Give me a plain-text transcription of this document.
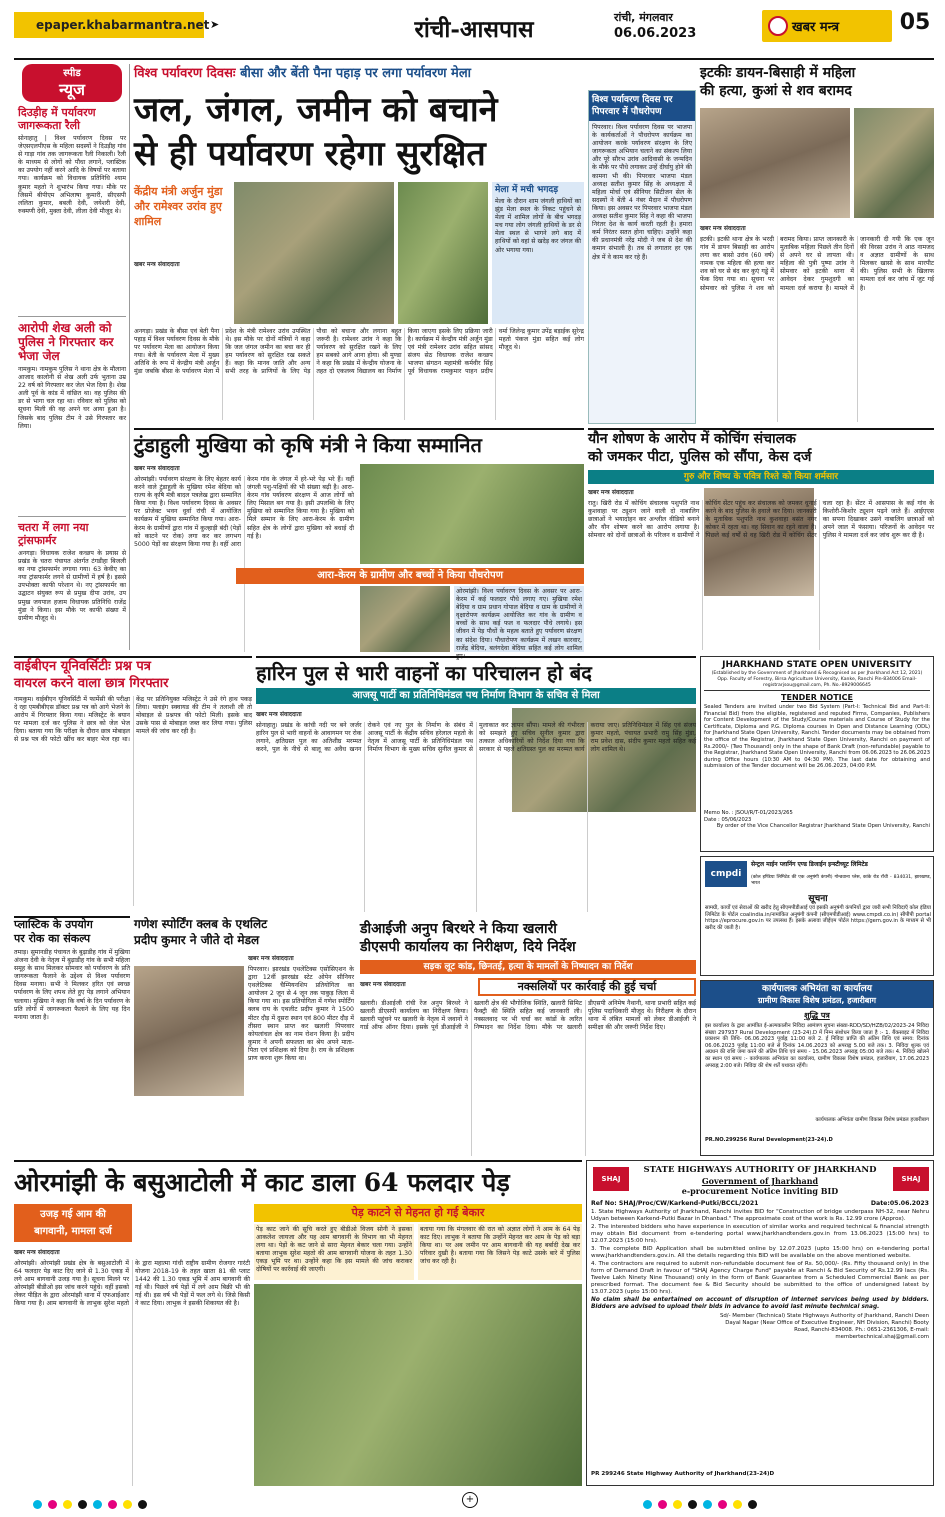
epaper.khabarmantra.net ➤	रांची-आसपास	रांची, मंगलवार
06.06.2023	खबर मन्त्र	05
स्पीड
न्यूज
दिउड़ीह में पर्यावरण जागरूकता रैली
सोनाहातु | विश्व पर्यावरण दिवस पर जेएसएलपीएस के महिला सदस्यों ने दिउड़ीह गांव से गाड़ा गांव तक जागरूकता रैली निकाली। रैली के माध्यम से लोगों को पौधा लगाने, प्लास्टिक का उपयोग नहीं करने आदि के विषयों पर बताया गया। कार्यक्रम को विधायक प्रतिनिधि श्याम कुमार महतो ने शुभारंभ किया गया। मौके पर जिसमें बीपीएम अभिलाषा कुमारी, सीएसपी ललिता कुमार, बबली देवी, जयेशरी देवी, रुक्मणी देवी, मुक्ता देवी, लीला देवी मौजूद थे।
आरोपी शेख अली को पुलिस ने गिरफ्तार कर भेजा जेल
नामकुम। नामकुम पुलिस ने थाना क्षेत्र के मौलाना आजाद कालोनी से शेख अली उर्फ भुताना उम्र 22 वर्ष को गिरफ्तार कर जेल भेज दिया है। शेख अली पूर्व के कांड में वांछित था। वह पुलिस की डर से भागा चल रहा था। रविवार को पुलिस को सूचना मिली की वह अपने घर आया हुआ है। जिसके बाद पुलिस टीम ने उसे गिरफ्तार कर लिया।
चतरा में लगा नया ट्रांसफार्मर
अनगड़ा। विधायक राजेश कच्छप के प्रयास से प्रखंड के चतरा पंचायत अंतर्गत टंगडीहा बिजली का नया ट्रांसफार्मर लगाया गया। 63 केवीए का नया ट्रांसफार्मर लगने से ग्रामीणों में हर्ष है। इससे उपभोक्ता काफी परेशान थे। नए ट्रांसफार्मर का उद्घाटन संयुक्त रूप से प्रमुख दीपा उरांव, उप प्रमुख जयपाल हजाम विधायक प्रतिनिधि राजेंद्र मुंडा ने किया। इस मौके पर काफी संख्या में ग्रामीण मौजूद थे।
विश्व पर्यावरण दिवसः बीसा और बेंती पैना पहाड़ पर लगा पर्यावरण मेला
जल, जंगल, जमीन को बचाने
से ही पर्यावरण रहेगा सुरक्षित
केंद्रीय मंत्री अर्जुन मुंडा और रामेश्वर उरांव हुए शामिल
मेला में मची भगदड़
मेला के दौरान शाम जंगली हाथियों का झुंड मेला स्थल के निकट पहुंचने से मेला में शामिल लोगों के बीच भगदड़ मच गया लोग जंगली हाथियों के डर से मेला स्थल से भागने लगे बाद में हाथियों को वहां से खदेड़ कर जंगल की ओर भगाया गया।
खबर मन्त्र संवाददाता
अनगड़ा। प्रखंड के बीसा एवं बेती पैना पहाड़ में विश्व पर्यावरण दिवस के मौके पर पर्यावरण मेला का आयोजन किया गया। बेती के पर्यावरण मेला में मुख्य अतिथि के रूप में केन्द्रीय मंत्री अर्जुन मुंडा जबकि बीसा के पर्यावरण मेला में प्रदेश के मंत्री रामेश्वर उरांव उपस्थित थे। इस मौके पर दोनों मंत्रियों ने कहा कि जल जंगल जमीन का बचा कर ही हम पर्यावरण को सुरक्षित रख सकते हैं। कहा कि मानव जाति और अन्य सभी तरह के प्राणियों के लिए पेड़ पौधा को बचाना और लगाना बहुत जरूरी है। रामेश्वर उरांव ने कहा कि पर्यावरण को सुरक्षित रखने के लिए हम सबको आगे आना होगा। श्री मुण्डा ने कहा कि प्रखंड में केन्द्रीय योजना के तहत दो एकलव्य विद्यालय का निर्माण किया जाएगा इसके लिए प्रक्रिया जारी है। कार्यक्रम में केन्द्रीय मंत्री अर्जुन मुंडा एवं मंत्री रामेश्वर उरांव सहित सांसद संजय सेठ विधायक राजेश कच्छप भाजपा संगठन महामंत्री कर्मवीर सिंह पूर्व विधायक रामकुमार पाहन प्रदीप वर्मा जिलेन्द्र कुमार उपेंद्र बड़ाईक सुरेन्द्र महतो पंकज मुंडा सहित कई लोग मौजूद थे।
विश्व पर्यावरण दिवस पर पिपरवार में पौधरोपण
पिपरवार। विश्व पर्यावरण दिवस पर भाजपा के कार्यकर्ताओं ने पौधरोपण कार्यक्रम का आयोजन करके पर्यावरण संरक्षण के लिए जागरूकता अभियान चलाने का संकल्प लिया और पूरे सौरभ उरांव आदिवासी के जन्मदिन के मौके पर पौधे लगाकर उन्हें दीर्घायु होने की कामना भी की। पिपरवार भाजपा मंडल अध्यक्ष सतीश कुमार सिंह के अध्यक्षता में महिला मोर्चा एवं सीनियर सिटीजन सेल के सदस्यों ने बेंती 4 नंबर मैदान में पौधरोपण किया। इस अवसर पर पिपरवार भाजपा मंडल अध्यक्ष सतीश कुमार सिंह ने कहा की भाजपा निरंतर देश के कार्य करती रहती है। हमारा कर्म निरंतर सतत होना चाहिए। उन्होंने कहा की प्रधानमंत्री नरेंद्र मोदी ने जब से देश की कमान संभाली है। तब से लगातार हर एक क्षेत्र में वे काम कर रहे हैं।
इटकीः डायन-बिसाही में महिला
की हत्या, कुआं से शव बरामद
खबर मन्त्र संवाददाता
इटकी। इटकी थाना क्षेत्र के भरदी गांव में डायन बिसाही का आरोप लगा कर बासो उरांव (60 वर्ष) नामक एक महिला की हत्या कर शव को घर से बंद कर कुएं गड्ढे में फेंक दिया गया था। सूचना पर सोमवार को पुलिस ने शव को बरामद किया। प्राप्त जानकारी के मुताबिक महिला पिछले तीन दिनों से अपने घर से लापता थी। महिला की पुत्री पुष्पा उरांव ने सोमवार को इटकी थाना में आवेदन देकर गुमशुदगी का मामला दर्ज कराया है। मामले में जानकारी दी गयी कि एक जून की विरसा उरांव ने आठ नामजद व अज्ञात ग्रामीणों के साथ मिलकर खासो के साथ मारपीट की। पुलिस सभी के खिलाफ मामला दर्ज कर जांच में जुट गई है।
टुंडाहुली मुखिया को कृषि मंत्री ने किया सम्मानित
खबर मन्त्र संवाददाता
ओरमांझी। पर्यावरण संरक्षण के लिए बेहतर कार्य करने वाले टुंडाहुली के मुखिया रमेश बेदिया को राज्य के कृषि मंत्री बादल पत्रलेख द्वारा सम्मानित किया गया है। विश्व पर्यावरण दिवस के अवसर पर प्रोजेक्ट भवन धुर्वा रांची में आयोजित कार्यक्रम में मुखिया सम्मानित किया गया। आरा-केरम के ग्रामीणों द्वारा गांव में कुल्हाड़ी बंदी (पेड़ों को काटने पर रोक) लगा कर कर लगभग 5000 पेड़ों का संरक्षण किया गया है। वहीं आरा केरम गांव के जंगल में हरे-भरे पेड़ भरे हैं। वहीं जंगली पशु-पक्षियों की भी संख्या बढ़ी है। आरा-केरम गांव पर्यावरण संरक्षण में आज लोगों को लिए मिसाल बन गया है। इसी उपलब्धि के लिए मुखिया को सम्मानित किया गया है। मुखिया को मिले सम्मान के लिए आरा-केरम के ग्रामीण सहित क्षेत्र के लोगों द्वारा मुखिया को बधाई दी गई है।
आरा-केरम के ग्रामीण और बच्चों ने किया पौधरोपण
ओरमांझी। विश्व पर्यावरण दिवस के अवसर पर आरा-केरम में कई फलदार पौधे लगाए गए। मुखिया रमेश बेदिया व ग्राम प्रधान गोपाल बेदिया व ग्राम के ग्रामीणों ने वृक्षारोपण कार्यक्रम आयोजित कर गांव के ग्रामीण व बच्चों के साथ कई फल व फलदार पौधे लगाये। इस जीवन में पेड़ पौधों के महत्व बताते हुए पर्यावरण संरक्षण का संदेश दिया। पौधारोपण कार्यक्रम में लखन कारवार, राजेंद्र बेदिया, बलंगदेवा बेदिया सहित कई लोग शामिल हुए।
यौन शोषण के आरोप में कोचिंग संचालक
को जमकर पीटा, पुलिस को सौंपा, केस दर्ज
गुरु और शिष्य के पवित्र रिश्ते को किया शर्मसार
खबर मन्त्र संवाददाता
रातु। खिरी रोड में कोचिंग संचालक पशुपति नाथ कुशवाहा पर ट्यूशन जाने वाली दो नाबालिग छात्राओं ने भयादोहन कर अश्लील वीडियो बनाने और यौन शोषण करने का आरोप लगाया है। सोमवार को दोनों छात्राओं के परिजन व ग्रामीणों ने कोचिंग सेंटर पहुंच कर संचालक को जमकर धुनाई करने के बाद पुलिस के हवाले कर दिया। जानकारी के मुताबिक पशुपति नाथ कुशवाहा बसंत नगर कोकर में रहता था। वह सिवान का रहने वाला है। पिछले कई वर्षों से वह खिरी रोड में कोचिंग सेंटर चला रहा है। सेंटर में आसपास के कई गांव के किशोरी-किशोर ट्यूशन पढ़ने जाते हैं। आईएएस का सपना दिखाकर उसने नाबालिग छात्राओं को अपने जाल में फंसाया। परिजनों के आवेदन पर पुलिस ने मामला दर्ज कर जांच शुरू कर दी है।
वाईबीएन यूनिवर्सिटीः प्रश्न पत्र
वायरल करने वाला छात्र गिरफ्तार
नामकुम। वाईबीएन यूनिवर्सिटी में फार्मेसी की परीक्षा दे रहा एमबीबीएस डॉक्टर प्रश्न पत्र को आगे भेजने के आरोप में गिरफ्तार किया गया। मजिस्ट्रेट के बयान पर मामला दर्ज कर पुलिस ने छात्र को जेल भेज दिया। बताया गया कि परीक्षा के दौरान छात्र मोबाइल से प्रश्न पत्र की फोटो खींच कर बाहर भेज रहा था। केंद्र पर प्रतिनियुक्त मजिस्ट्रेट ने उसे रंगे हाथ पकड़ लिया। फ्लाइंग स्क्वायड की टीम ने तलाशी ली तो मोबाइल से प्रश्नपत्र की फोटो मिली। इसके बाद उसके पास से मोबाइल जब्त कर लिया गया। पुलिस मामले की जांच कर रही है।
प्लास्टिक के उपयोग
पर रोक का संकल्प
तमाड़। सुमानडीह पंचायत के बुढ़ाडीह गांव में मुखिया अंजना देवी के नेतृत्व में बुढ़ाडीह गांव के सभी महिला समूह के साथ मिलकर सोमवार को पर्यावरण के प्रति जागरूकता फैलाने के उद्देश्य से विश्व पर्यावरण दिवस मनाया। सभी ने मिलकर हरित एवं स्वच्छ पर्यावरण के लिए शपथ लेते हुए पेड़ लगाने अभियान चलाया। मुखिया ने कहा कि वर्षा के दिन पर्यावरण के प्रति लोगों में जागरूकता फैलाने के लिए यह दिन मनाया जाता है।
हारिन पुल से भारी वाहनों का परिचालन हो बंद
आजसू पार्टी का प्रतिनिधिमंडल पथ निर्माण विभाग के सचिव से मिला
खबर मन्त्र संवाददाता
सोनाहातु। प्रखंड के कांची नदी पर बने जर्जर हारिन पुल से भारी वाहनों के आवागमन पर रोक लगाने, क्षतिग्रस्त पुल का अतिशीघ्र मरम्मत करने, पुल के नीचे से बालू का अवैध खनन रोकने एवं नए पुल के निर्माण के संबंध में आजसू पार्टी के केंद्रीय सचिव हरेलाल महतो के नेतृत्व में आजसू पार्टी के प्रतिनिधिमंडल पथ निर्माण विभाग के मुख्य सचिव सुनील कुमार से मुलाकात कर ज्ञापन सौंपा। मामले की गंभीरता को समझते हुए सचिव सुनील कुमार द्वारा तत्काल अधिकारियों को निर्देश दिया गया कि सरकार से पहले क्षतिग्रस्त पुल का मरम्मत कार्य कराया जाए। प्रतिनिधिमंडल में सिंह एवं संजय कुमार महतो, पंचायत प्रभारी रामु सिंह मुंडा, राम प्रवेश दास, संदीप कुमार महतो सहित कई लोग शामिल थे।
गणेश स्पोर्टिंग क्लब के एथलिट
प्रदीप कुमार ने जीते दो मेडल
खबर मन्त्र संवाददाता
पिपरवार। झारखंड एथलेटिक्स एसोसिएशन के द्वारा 12वीं झारखंड स्टेट ओपेन सीनियर एथलेटिक्स चैम्पियनशिप प्रतियोगिता का आयोजन 2 जून से 4 जून तक पाकुड़ जिला में किया गया था। इस प्रतियोगिता में गणेश स्पोर्टिंग क्लब राय के एथलीट प्रदीप कुमार ने 1500 मीटर दौड़ में दूसरा स्थान एवं 800 मीटर दौड़ में तीसरा स्थान प्राप्त कर खलारी पिपरवार कोयलांचल क्षेत्र का नाम रोशन किया है। प्रदीप कुमार ने अपनी सफलता का श्रेय अपने माता-पिता एवं प्रशिक्षक को दिया है। राय के प्रशिक्षक प्राण करना शुरू किया था।
डीआईजी अनुप बिरथरे ने किया खलारी
डीएसपी कार्यालय का निरीक्षण, दिये निर्देश
सड़क लूट कांड, छिनतई, हत्या के मामलों के निष्पादन का निर्देश
नक्सलियों पर कार्रवाई की हुई चर्चा
खबर मन्त्र संवाददाता
खलारी। डीआईजी रांची रेंज अनुप बिरथरे ने खलारी डीएसपी कार्यालय का निरीक्षण किया। खलारी पहुंचने पर खलारी के नेतृत्व में जवानों ने गार्ड ऑफ ऑनर दिया। इसके पूर्व डीआईजी ने खलारी क्षेत्र की भौगोलिक स्थिति, खलारी सिमिट फैक्ट्री की स्थिति सहित कई जानकारी ली। नक्सलवाद पर भी चर्चा कर कांडों के त्वरित निष्पादन का निर्देश दिया। मौके पर खलारी डीएसपी अनिमेष नैथानी, थाना प्रभारी सहित कई पुलिस पदाधिकारी मौजूद थे। निरीक्षण के दौरान थाना में लंबित मामलों को लेकर डीआईजी ने समीक्षा की और जरूरी निर्देश दिए।
JHARKHAND STATE OPEN UNIVERSITY
(Established by the Government of Jharkhand & Recognised as per Jharkhand Act 12, 2021)
Opp. Faculty of Forestry, Birsa Agriculture University, Kanke, Ranchi Pin-834006 Email- registrarjsou@gmail.com, Ph. No.-8929006645
TENDER NOTICE
Sealed Tenders are invited under two Bid System (Part-I: Technical Bid and Part-II: Financial Bid) from the eligible, registered and reputed Firms, Companies, Publishers for Content Development of the Study/Course materials and Course of Study for the Certificate, Diploma and P.G. Diploma courses in Open and Distance Learning (ODL) for Jharkhand State Open University, Ranchi. Tender documents may be obtained from the office of the Registrar, Jharkhand State Open University, Ranchi on payment of Rs.2000/- (Two Thousand) only in the shape of Bank Draft (non-refundable) payable to the Registrar, Jharkhand State Open University, Ranchi from 06.06.2023 to 26.06.2023 during Office hours (10:30 AM to 04:30 PM). The last date for obtaining and submission of the Tender document will be 26.06.2023, 04:00 P.M.
Memo No. : JSOU/R/T-01/2023/265
Date : 05/06/2023
By order of the Vice Chancellor Registrar Jharkhand State Open University, Ranchi
cmpdi
सेन्ट्रल माईन प्लानिंग एण्ड डिजाईन इन्स्टीच्यूट लिमिटेड
(कोल इण्डिया लिमिटेड की एक अनुषंगी कंपनी) गोन्डवाना प्लेस, कांके रोड राँची - 834031, झारखण्ड, भारत
सूचना
सामग्री, कार्यों एवं सेवाओं की खरीद हेतु सीएमपीडीआई एवं इसकी अनुषंगी कंपनियों द्वारा जारी सभी निविदाएँ कोल इंडिया लिमिटेड के पोर्टल coalindia.in/नामांकित अनुषंगी कंपनी (सीएमपीडीआई) www.cmpdi.co.in) सीपीपी portal https://eprocure.gov.in पर उपलब्ध हैं। इसके अलावा जीईएम पोर्टल https://gem.gov.in के माध्यम से भी खरीद की जाती है।
कार्यपालक अभियंता का कार्यालय
ग्रामीण विकास विशेष प्रमंडल, हजारीबाग
शुद्धि पत्र
इस कार्यालय के द्वारा आमंत्रित ई-अल्पकालीन निविदा आमंत्रण सूचना संख्या-RDD/SD/HZB/02/2023-24 निविदा संख्या 297937 Rural Development (23-24).D में निम्न संशोधन किया जाता है :- 1. बैंकसाइट में निविदा प्रकाशन की तिथि- 06.06.2023 पूर्वाह्न 11:00 बजे 2. ई निविदा प्राप्ति की अंतिम तिथि एवं समय: दिनांक 06.06.2023 पूर्वाह्न 11:00 बजे से दिनांक 14.06.2023 को अपराह्न 5.00 बजे तक। 3. निविदा शुल्क एवं अग्रधन की राशि जमा करने की अंतिम तिथि एवं समय - 15.06.2023 अपराह्न 05:00 बजे तक। 4. निविदा खोलने का स्थान एवं समय :- कार्यपालक अभियंता का कार्यालय, ग्रामीण विकास विशेष प्रमंडल, हजारीबाग, 17.06.2023 अपराह्न 2:00 बजे। निविदा की शेष शर्तें यथावत रहेंगी।
कार्यपालक अभियंता ग्रामीण विकास विशेष प्रमंडल हजारीबाग
PR.NO.299256 Rural Development(23-24).D
ओरमांझी के बसुआटोली में काट डाला 64 फलदार पेड़
उजड़ गई आम की
बागवानी, मामला दर्ज
पेड़ काटने से मेहनत हो गई बेकार
खबर मन्त्र संवाददाता
ओरमांझी। ओरमांझी प्रखंड क्षेत्र के बसुआटोली में 64 फलदार पेड़ काट दिए जाने से 1.30 एकड़ में लगे आम बागवानी उजड़ गया है। सूचना मिलने पर ओरमांझी बीडीओ इस जांच करने पहुंचे। वहीं इसको लेकर पीड़ित के द्वारा ओरमांझी थाना में एफआईआर किया गया है। आम बागवानी के लाभुक सुरेश महतो के द्वारा महात्मा गांधी राष्ट्रीय ग्रामीण रोजगार गारंटी योजना 2018-19 के तहत खाता 81 की प्लाट 1442 की 1.30 एकड़ भूमि में आम बागवानी की गई थी। पिछले वर्ष पेड़ों में लगे आम बिक्री भी की गई थी। इस वर्ष भी पेड़ों में फल लगे थे। जिसे किसी ने काट दिया। लाभुक ने इसकी शिकायत की है।
पेड़ काट जाने की सूचि करते हुए बीडीओ विजय सोनी ने इसका आकलेश जायजा और यह आम बागवानी के विभाग का भी मेहनत लगा था। पेड़ों के कट जाने से सारा मेहनत बेकार चला गया। उन्होंने बताया लाभुक सुरेश महतो की आम बागवानी योजना के तहत 1.30 एकड़ भूमि पर था। उन्होंने कहा कि इस मामले की जांच कराकर दोषियों पर कार्रवाई की जाएगी।
बताया गया कि मंगलवार की रात को अज्ञात लोगों ने आम के 64 पेड़ काट दिए। लाभुक ने बताया कि उन्होंने मेहनत कर आम के पेड़ को बड़ा किया था। पर अब जमीन पर आम बागवानी की यह बर्बादी देख कर परिवार दुखी है। बताया गया कि जिसने पेड़ काटे उसके बारे में पुलिस जांच कर रही है।
SHAJ	SHAJ
STATE HIGHWAYS AUTHORITY OF JHARKHAND
Government of Jharkhand
e-procurement Notice inviting BID
Ref No: SHAJ/Proc/CW/Karkend-Putki/BCCL/2021	Date:05.06.2023
1. State Highways Authority of Jharkhand, Ranchi invites BID for "Construction of bridge underpass NH-32, near Nehru Udyan between Karkend-Putki Bazar in Dhanbad." The approximate cost of the work is Rs. 12.99 crore (Approx).
2. The interested bidders who have experience in execution of similar works and required technical & financial strength may obtain Bid document from e-tendering portal www.jharkhandtenders.gov.in from 13.06.2023 (15:00 hrs) to 12.07.2023 (15:00 hrs).
3. The complete BID Application shall be submitted online by 12.07.2023 (upto 15:00 hrs) on e-tendering portal www.jharkhandtenders.gov.in. All the details regarding this BID will be available on the above mentioned website.
4. The contractors are required to submit non-refundable document fee of Rs. 50,000/- (Rs. Fifty thousand only) in the form of Demand Draft in favour of "SHAJ Agency Charge Fund" payable at Ranchi & Bid Security of Rs.12.99 lacs (Rs. Twelve Lakh Ninety Nine Thousand) only in the form of Bank Guarantee from a Scheduled Commercial Bank as per prescribed format. The document fee & Bid Security should be submitted to the office of undersigned latest by 13.07.2023 (upto 15:00 hrs).
No claim shall be entertained on account of disruption of internet services being used by bidders. Bidders are advised to upload their bids in advance to avoid last minute technical snag.
Sd/- Member (Technical) State Highways Authority of Jharkhand, Ranchi Deen Dayal Nagar (Near Office of Executive Engineer, NH Division, Ranchi) Booty Road, Ranchi-834008. Ph.: 0651-2361306, E-mail: membertechnical.shaj@gmail.com
PR 299246 State Highway Authority of Jharkhand(23-24)D
+
